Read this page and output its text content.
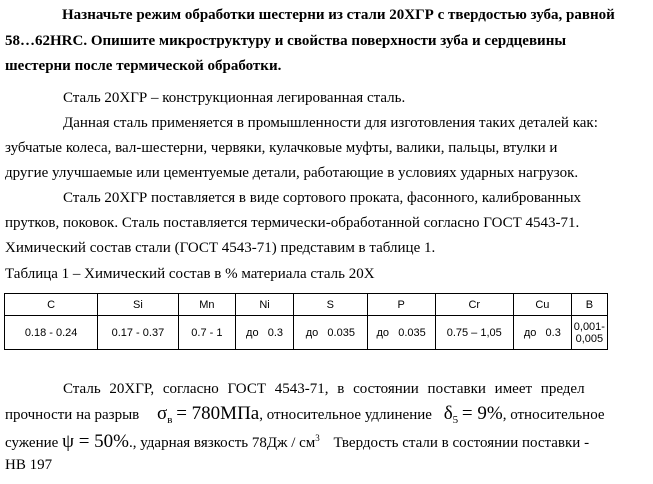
Назначьте режим обработки шестерни из стали 20ХГР с твердостью зуба, равной
58…62HRC. Опишите микроструктуру и свойства поверхности зуба и сердцевины
шестерни после термической обработки.
Сталь 20ХГР – конструкционная легированная сталь.
Данная сталь применяется в промышленности для изготовления таких деталей как:
зубчатые колеса, вал-шестерни, червяки, кулачковые муфты, валики, пальцы, втулки и
другие улучшаемые или цементуемые детали, работающие в условиях ударных нагрузок.
Сталь 20ХГР поставляется в виде сортового проката, фасонного, калиброванных
прутков, поковок. Сталь поставляется термически-обработанной согласно ГОСТ 4543-71.
Химический состав стали (ГОСТ 4543-71) представим в таблице 1.
Таблица 1 – Химический состав в % материала сталь 20Х
C	Si	Mn	Ni	S	P	Cr	Cu	B
0.18 - 0.24	0.17 - 0.37	0.7 - 1	до   0.3	до   0.035	до   0.035	0.75 – 1,05	до   0.3	0,001-
0,005
Сталь 20ХГР, согласно ГОСТ 4543-71, в состоянии поставки имеет предел
прочности на разрыв $\sigma_в = 780МПа$, относительное удлинение $\delta_5 = 9\%$, относительное
сужение ψ = 50%., ударная вязкость $78Дж / см^3$ Твердость стали в состоянии поставки -
НВ 197
